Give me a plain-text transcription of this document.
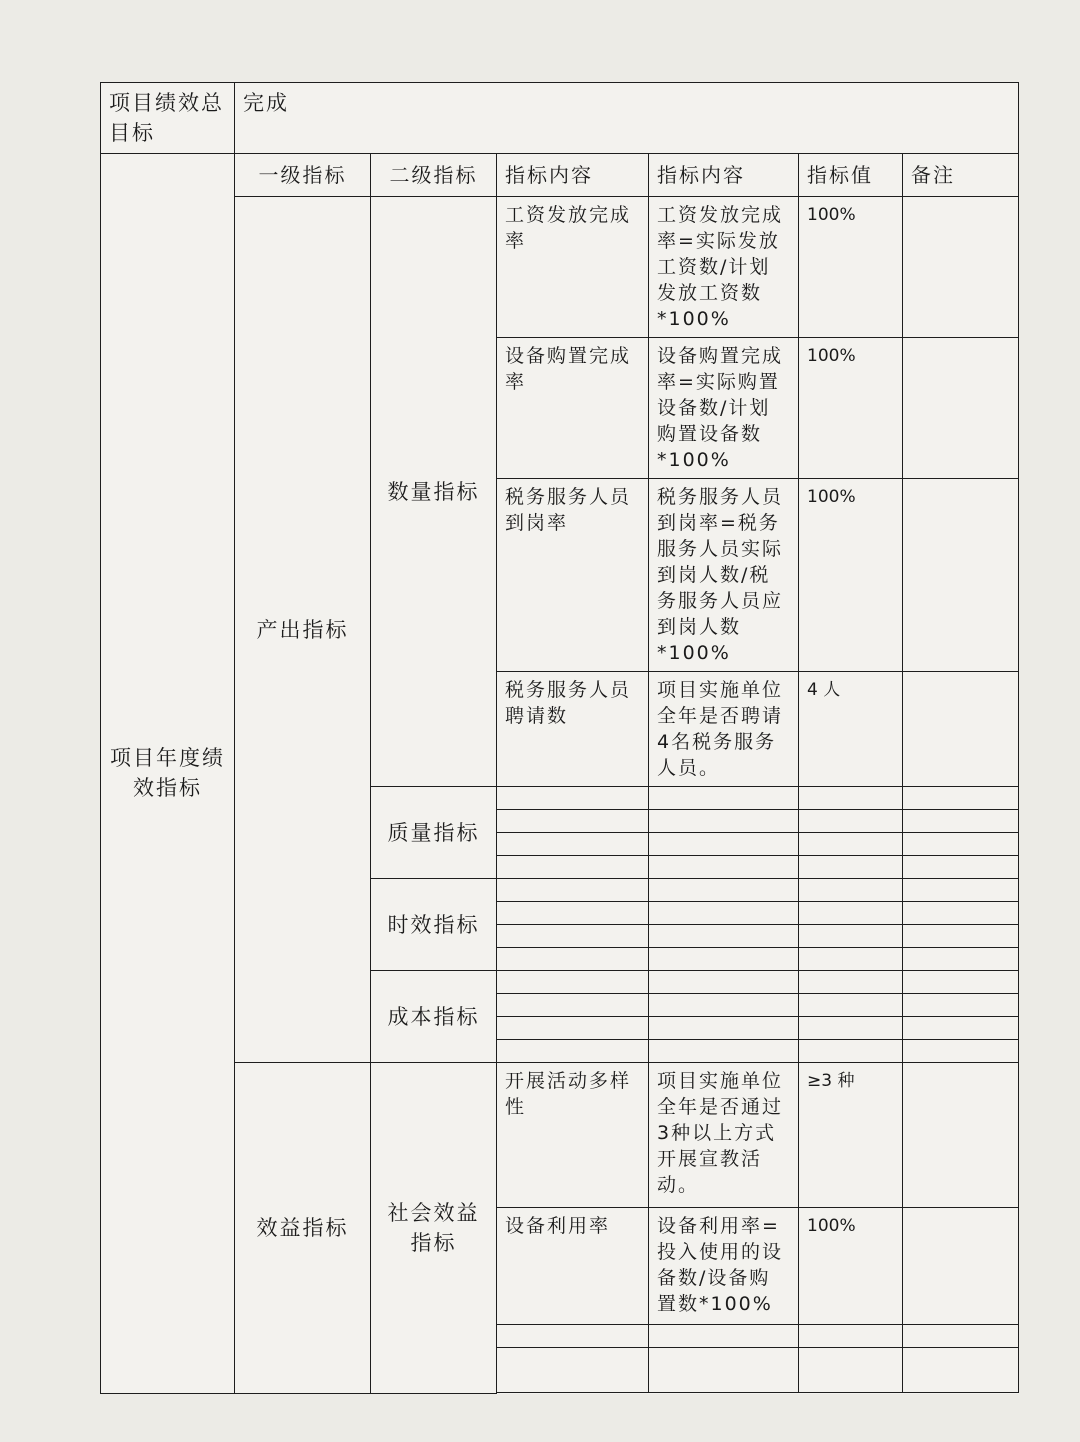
项目绩效总目标	完成					
项目年度绩效指标	一级指标	二级指标	指标内容	指标内容	指标值	备注
	产出指标	数量指标	工资发放完成率	工资发放完成率=实际发放工资数/计划发放工资数*100%	100%	
			设备购置完成率	设备购置完成率=实际购置设备数/计划购置设备数*100%	100%	
			税务服务人员到岗率	税务服务人员到岗率=税务服务人员实际到岗人数/税务服务人员应到岗人数*100%	100%	
			税务服务人员聘请数	项目实施单位全年是否聘请4名税务服务人员。	4 人	
		质量指标				

		时效指标				

		成本指标				

	效益指标	社会效益指标	开展活动多样性	项目实施单位全年是否通过3种以上方式开展宣教活动。	≥3 种	
			设备利用率	设备利用率=投入使用的设备数/设备购置数*100%	100%	
